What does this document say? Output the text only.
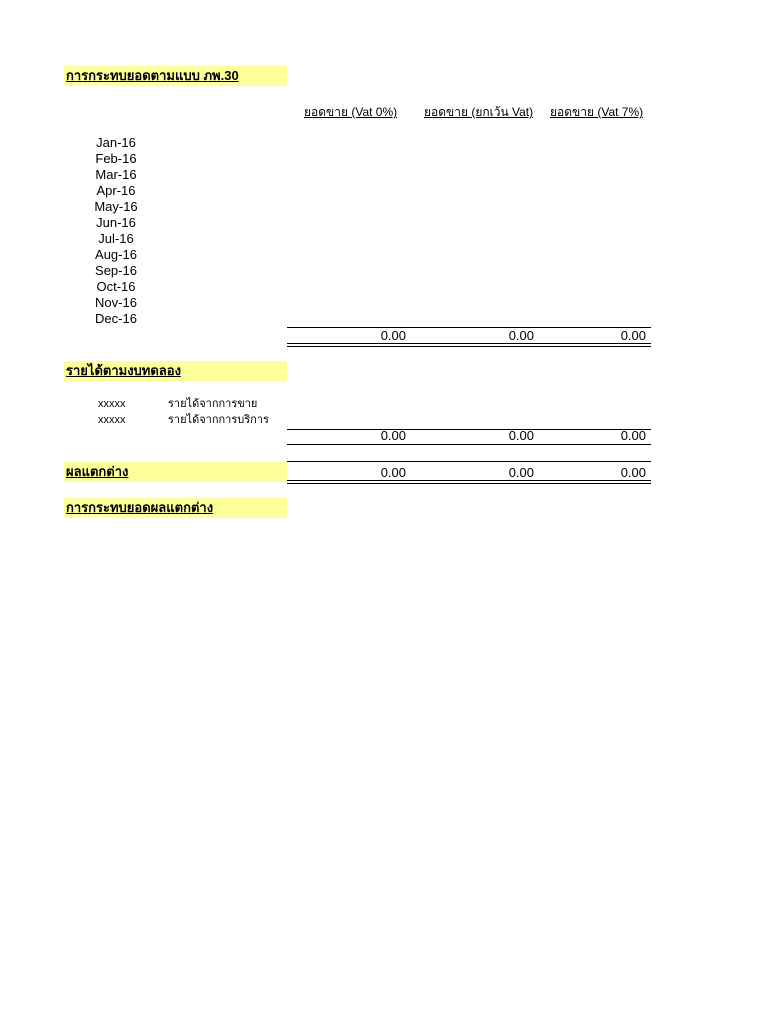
การกระทบยอดตามแบบ ภพ.30
ยอดขาย (Vat 0%) ยอดขาย (ยกเว้น Vat) ยอดขาย (Vat 7%)
Jan-16
Feb-16
Mar-16
Apr-16
May-16
Jun-16
Jul-16
Aug-16
Sep-16
Oct-16
Nov-16
Dec-16
0.00	0.00	0.00
รายได้ตามงบทดลอง
xxxxx	รายได้จากการขาย
xxxxx	รายได้จากการบริการ
0.00	0.00	0.00
ผลแตกต่าง	0.00	0.00	0.00
การกระทบยอดผลแตกต่าง
